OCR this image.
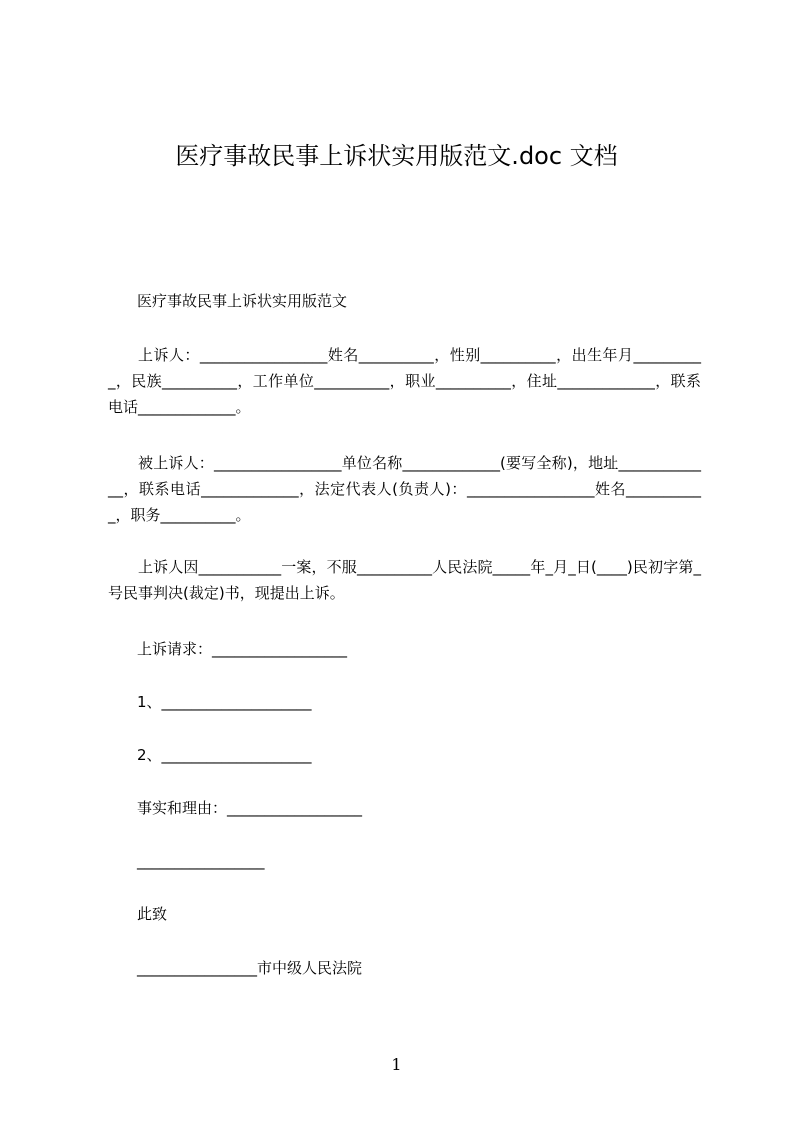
医疗事故民事上诉状实用版范文.doc 文档
医疗事故民事上诉状实用版范文
上诉人：_________________姓名__________，性别__________，出生年月__________，民族__________，工作单位__________，职业__________，住址_____________，联系电话_____________。
被上诉人：_________________单位名称_____________(要写全称)，地址_____________，联系电话_____________，法定代表人(负责人)：_________________姓名___________，职务__________。
上诉人因___________一案，不服__________人民法院_____年_月_日(____)民初字第_号民事判决(裁定)书，现提出上诉。
上诉请求：__________________
1、____________________
2、____________________
事实和理由：__________________
_________________
此致
________________市中级人民法院
1
